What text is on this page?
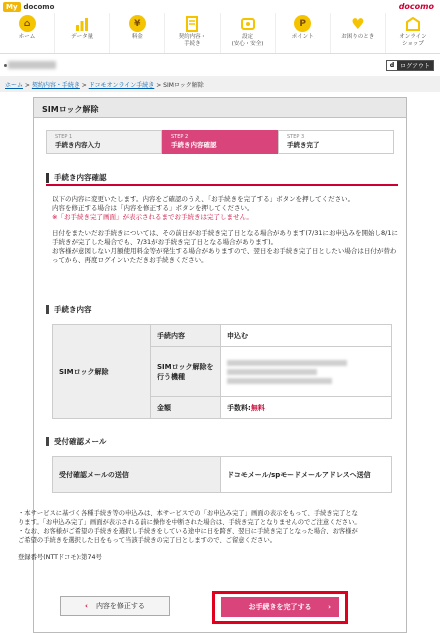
My docomo	docomo
⌂
ホーム	データ量
¥
料金	契約内容・
手続き
設定
(安心・安全)
P
ポイント
♥
お困りのとき	オンライン
ショップ
d ログアウト
ホーム > 契約内容・手続き > ドコモオンライン手続き > SIMロック解除
SIMロック解除
STEP 1
手続き内容入力
STEP 2
手続き内容確認
STEP 3
手続き完了
手続き内容確認
以下の内容に変更いたします。内容をご確認のうえ、「お手続きを完了する」ボタンを押してください。
内容を修正する場合は「内容を修正する」ボタンを押してください。
※「お手続き完了画面」が表示されるまでお手続きは完了しません。
日付をまたいだお手続きについては、その前日がお手続き完了日となる場合があります(7/31にお申込みを開始し8/1に手続きが完了した場合でも、7/31がお手続き完了日となる場合があります)。
お客様が意図しない月額使用料金等が発生する場合がありますので、翌日をお手続き完了日としたい場合は日付が替わってから、再度ログインいただきお手続きください。
手続き内容
SIMロック解除	手続内容	申込む
	SIMロック解除を行う機種	

	金額	手数料:無料
受付確認メール
受付確認メールの送信	ドコモメール/spモードメールアドレスへ送信
・本サービスに基づく各種手続き等の申込みは、本サービスでの「お申込み完了」画面の表示をもって、手続き完了となります。「お申込み完了」画面が表示される前に操作を中断された場合は、手続き完了となりませんのでご注意ください。
・なお、お客様がご希望の手続きを選択し手続きをしている途中に日を跨ぎ、翌日に手続き完了となった場合、お客様がご希望の手続きを選択した日をもって当該手続きの完了日としますので、ご留意ください。
登録番号(NTTドコモ):第74号
‹ 内容を修正する	お手続きを完了する ›
